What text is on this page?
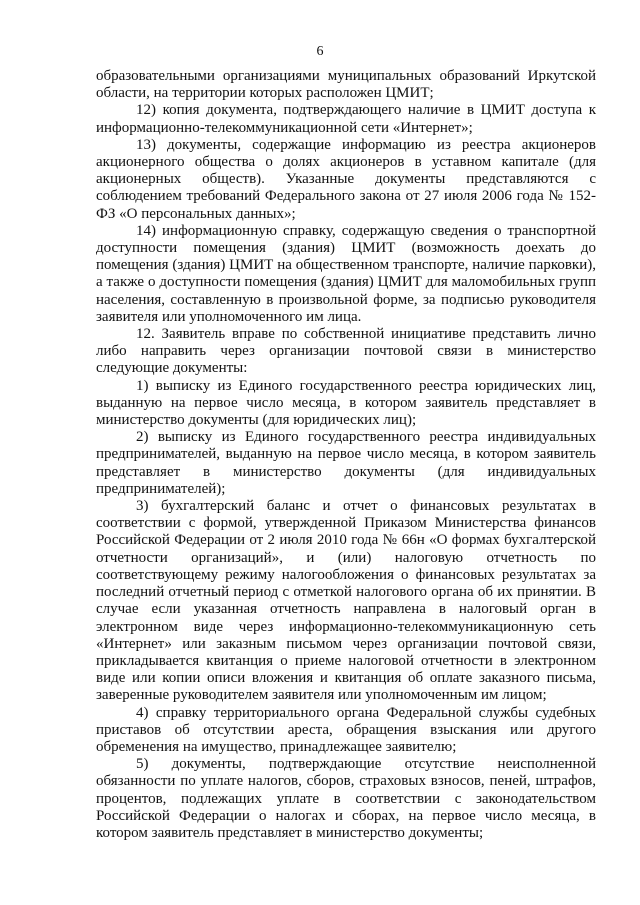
6

образовательными организациями муниципальных образований Иркутской области, на территории которых расположен ЦМИТ;

12) копия документа, подтверждающего наличие в ЦМИТ доступа к информационно-телекоммуникационной сети «Интернет»;

13) документы, содержащие информацию из реестра акционеров акционерного общества о долях акционеров в уставном капитале (для акционерных обществ). Указанные документы представляются с соблюдением требований Федерального закона от 27 июля 2006 года № 152-ФЗ «О персональных данных»;

14) информационную справку, содержащую сведения о транспортной доступности помещения (здания) ЦМИТ (возможность доехать до помещения (здания) ЦМИТ на общественном транспорте, наличие парковки), а также о доступности помещения (здания) ЦМИТ для маломобильных групп населения, составленную в произвольной форме, за подписью руководителя заявителя или уполномоченного им лица.

12. Заявитель вправе по собственной инициативе представить лично либо направить через организации почтовой связи в министерство следующие документы:

1) выписку из Единого государственного реестра юридических лиц, выданную на первое число месяца, в котором заявитель представляет в министерство документы (для юридических лиц);

2) выписку из Единого государственного реестра индивидуальных предпринимателей, выданную на первое число месяца, в котором заявитель представляет в министерство документы (для индивидуальных предпринимателей);

3) бухгалтерский баланс и отчет о финансовых результатах в соответствии с формой, утвержденной Приказом Министерства финансов Российской Федерации от 2 июля 2010 года № 66н «О формах бухгалтерской отчетности организаций», и (или) налоговую отчетность по соответствующему режиму налогообложения о финансовых результатах за последний отчетный период с отметкой налогового органа об их принятии. В случае если указанная отчетность направлена в налоговый орган в электронном виде через информационно-телекоммуникационную сеть «Интернет» или заказным письмом через организации почтовой связи, прикладывается квитанция о приеме налоговой отчетности в электронном виде или копии описи вложения и квитанция об оплате заказного письма, заверенные руководителем заявителя или уполномоченным им лицом;

4) справку территориального органа Федеральной службы судебных приставов об отсутствии ареста, обращения взыскания или другого обременения на имущество, принадлежащее заявителю;

5) документы, подтверждающие отсутствие неисполненной обязанности по уплате налогов, сборов, страховых взносов, пеней, штрафов, процентов, подлежащих уплате в соответствии с законодательством Российской Федерации о налогах и сборах, на первое число месяца, в котором заявитель представляет в министерство документы;
